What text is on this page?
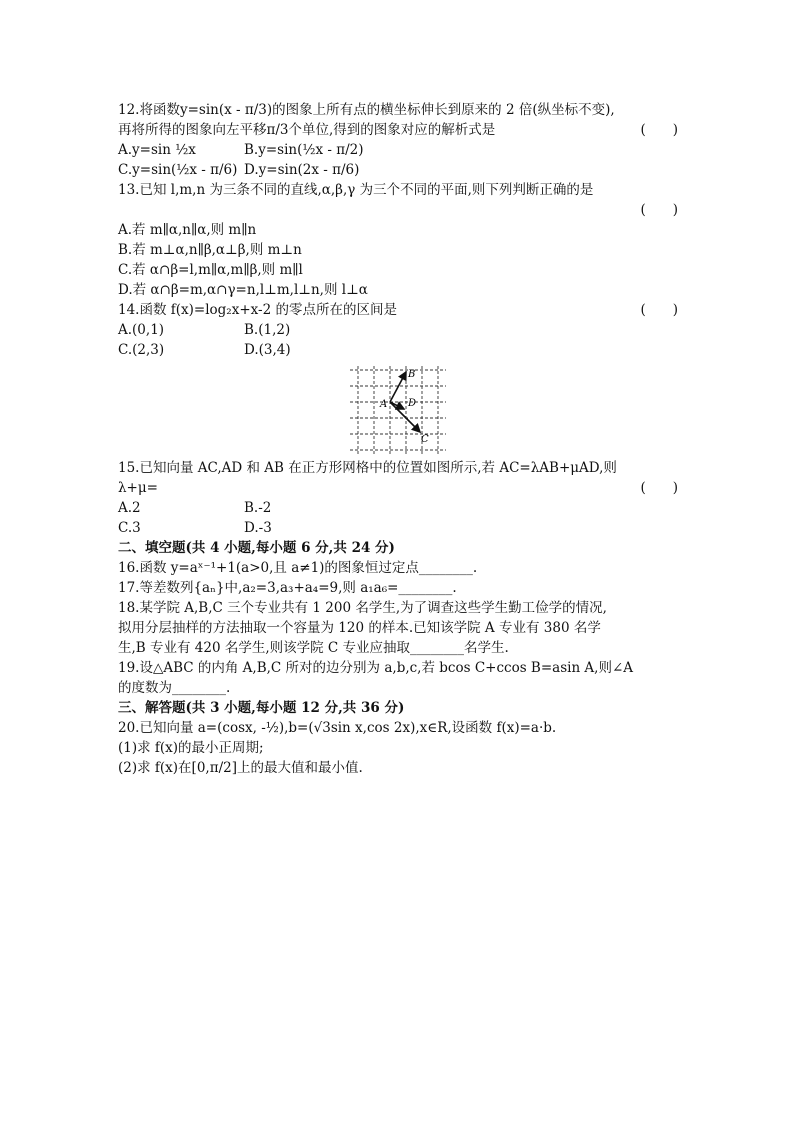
12.将函数y=sin(x - π/3)的图象上所有点的横坐标伸长到原来的 2 倍(纵坐标不变),
再将所得的图象向左平移π/3个单位,得到的图象对应的解析式是	(　　)
A.y=sin ½x	B.y=sin(½x - π/2)
C.y=sin(½x - π/6) D.y=sin(2x - π/6)
13.已知 l,m,n 为三条不同的直线,α,β,γ 为三个不同的平面,则下列判断正确的是
(　　)
A.若 m∥α,n∥α,则 m∥n
B.若 m⊥α,n∥β,α⊥β,则 m⊥n
C.若 α∩β=l,m∥α,m∥β,则 m∥l
D.若 α∩β=m,α∩γ=n,l⊥m,l⊥n,则 l⊥α
14.函数 f(x)=log₂x+x-2 的零点所在的区间是	(　　)
A.(0,1)	B.(1,2)
C.(2,3)	D.(3,4)
A
B
D
C
15.已知向量 AC,AD 和 AB 在正方形网格中的位置如图所示,若 AC=λAB+μAD,则
λ+μ=	(　　)
A.2	B.-2
C.3	D.-3
二、填空题(共 4 小题,每小题 6 分,共 24 分)
16.函数 y=aˣ⁻¹+1(a>0,且 a≠1)的图象恒过定点________.
17.等差数列{aₙ}中,a₂=3,a₃+a₄=9,则 a₁a₆=________.
18.某学院 A,B,C 三个专业共有 1 200 名学生,为了调查这些学生勤工俭学的情况,
拟用分层抽样的方法抽取一个容量为 120 的样本.已知该学院 A 专业有 380 名学
生,B 专业有 420 名学生,则该学院 C 专业应抽取________名学生.
19.设△ABC 的内角 A,B,C 所对的边分别为 a,b,c,若 bcos C+ccos B=asin A,则∠A
的度数为________.
三、解答题(共 3 小题,每小题 12 分,共 36 分)
20.已知向量 a=(cosx, -½),b=(√3sin x,cos 2x),x∈R,设函数 f(x)=a·b.
(1)求 f(x)的最小正周期;
(2)求 f(x)在[0,π/2]上的最大值和最小值.
